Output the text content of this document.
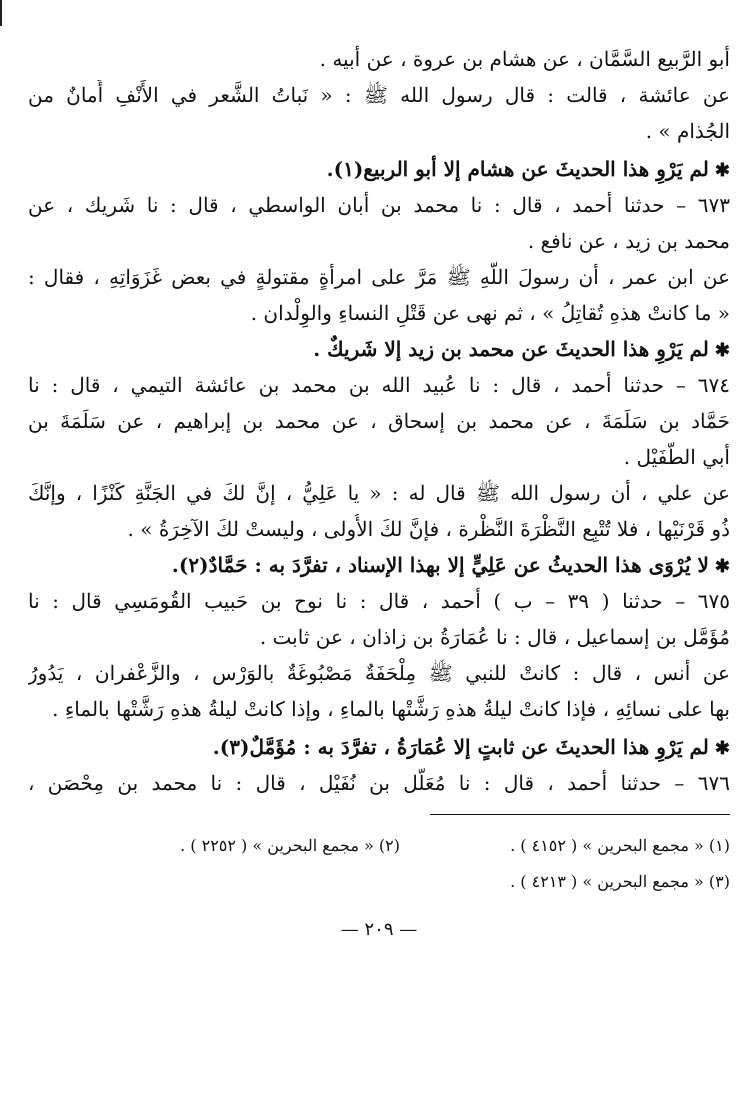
أبو الرَّبيع السَّمَّان ، عن هشام بن عروة ، عن أبيه .
عن عائشة ، قالت : قال رسول الله ﷺ : « نَباتُ الشَّعر في الأَنْفِ أَمانٌ من
الجُذام » .
✱لم يَرْوِ هذا الحديثَ عن هشام إلا أبو الربيع(١).
٦٧٣ – حدثنا أحمد ، قال : نا محمد بن أبان الواسطي ، قال : نا شَريك ، عن
محمد بن زيد ، عن نافع .
عن ابن عمر ، أن رسولَ اللَّهِ ﷺ مَرَّ على امرأةٍ مقتولةٍ في بعض غَزَوَاتِهِ ، فقال :
« ما كانتْ هذهِ تُقاتِلُ » ، ثم نهى عن قَتْلِ النساءِ والوِلْدان .
✱لم يَرْوِ هذا الحديثَ عن محمد بن زيد إلا شَريكٌ .
٦٧٤ – حدثنا أحمد ، قال : نا عُبيد الله بن محمد بن عائشة التيمي ، قال : نا
حَمَّاد بن سَلَمَةَ ، عن محمد بن إسحاق ، عن محمد بن إبراهيم ، عن سَلَمَةَ بن
أبي الطُّفَيْل .
عن علي ، أن رسول الله ﷺ قال له : « يا عَلِيُّ ، إنَّ لكَ في الجَنَّةِ كَنْزًا ، وإنَّكَ
ذُو قَرْنَيْها ، فلا تُتْبِع النَّظْرَةَ النَّظْرة ، فإنَّ لكَ الأُولى ، وليستْ لكَ الآخِرَةُ » .
✱لا يُرْوَى هذا الحديثُ عن عَلِيٍّ إلا بهذا الإسناد ، تفرَّدَ به : حَمَّادٌ(٢).
٦٧٥ – حدثنا ( ٣٩ – ب ) أحمد ، قال : نا نوح بن حَبيب القُومَسِي قال : نا
مُؤَمَّل بن إسماعيل ، قال : نا عُمَارَةُ بن زاذان ، عن ثابت .
عن أنس ، قال : كانتْ للنبي ﷺ مِلْحَفَةٌ مَصْبُوغَةٌ بالوَرْس ، والزَّعْفران ، يَدُورُ
بها على نسائِهِ ، فإذا كانتْ ليلةُ هذهِ رَشَّتْها بالماءِ ، وإذا كانتْ ليلةُ هذهِ رَشَّتْها بالماءِ .
✱لم يَرْوِ هذا الحديثَ عن ثابتٍ إلا عُمَارَةُ ، تفرَّدَ به : مُؤَمَّلٌ(٣).
٦٧٦ – حدثنا أحمد ، قال : نا مُعَلَّل بن نُفَيْل ، قال : نا محمد بن مِحْصَن ،
(١) « مجمع البحرين » ( ٤١٥٢ ) .
(٢) « مجمع البحرين » ( ٢٢٥٢ ) .
(٣) « مجمع البحرين » ( ٤٢١٣ ) .
— ٢٠٩ —
